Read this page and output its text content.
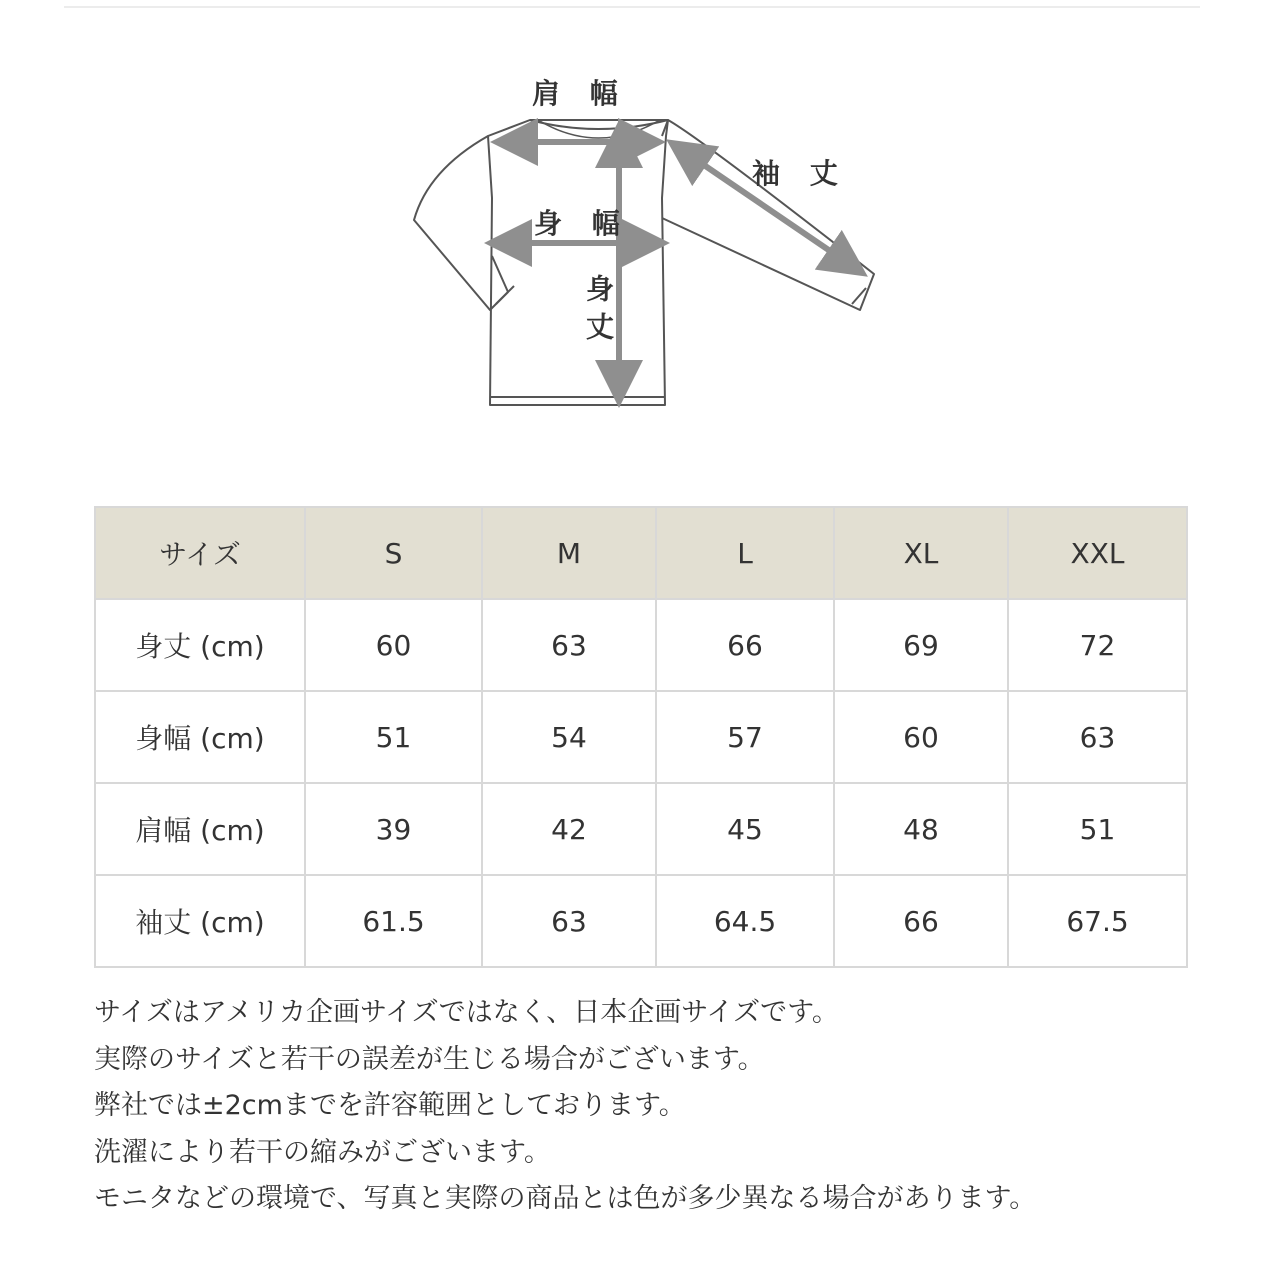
肩 幅
袖 丈
身 幅
身丈
サイズ	S	M	L	XL	XXL
身丈 (cm)	60	63	66	69	72
身幅 (cm)	51	54	57	60	63
肩幅 (cm)	39	42	45	48	51
袖丈 (cm)	61.5	63	64.5	66	67.5

サイズはアメリカ企画サイズではなく、日本企画サイズです。

実際のサイズと若干の誤差が生じる場合がございます。

弊社では±2cmまでを許容範囲としております。

洗濯により若干の縮みがございます。

モニタなどの環境で、写真と実際の商品とは色が多少異なる場合があります。
